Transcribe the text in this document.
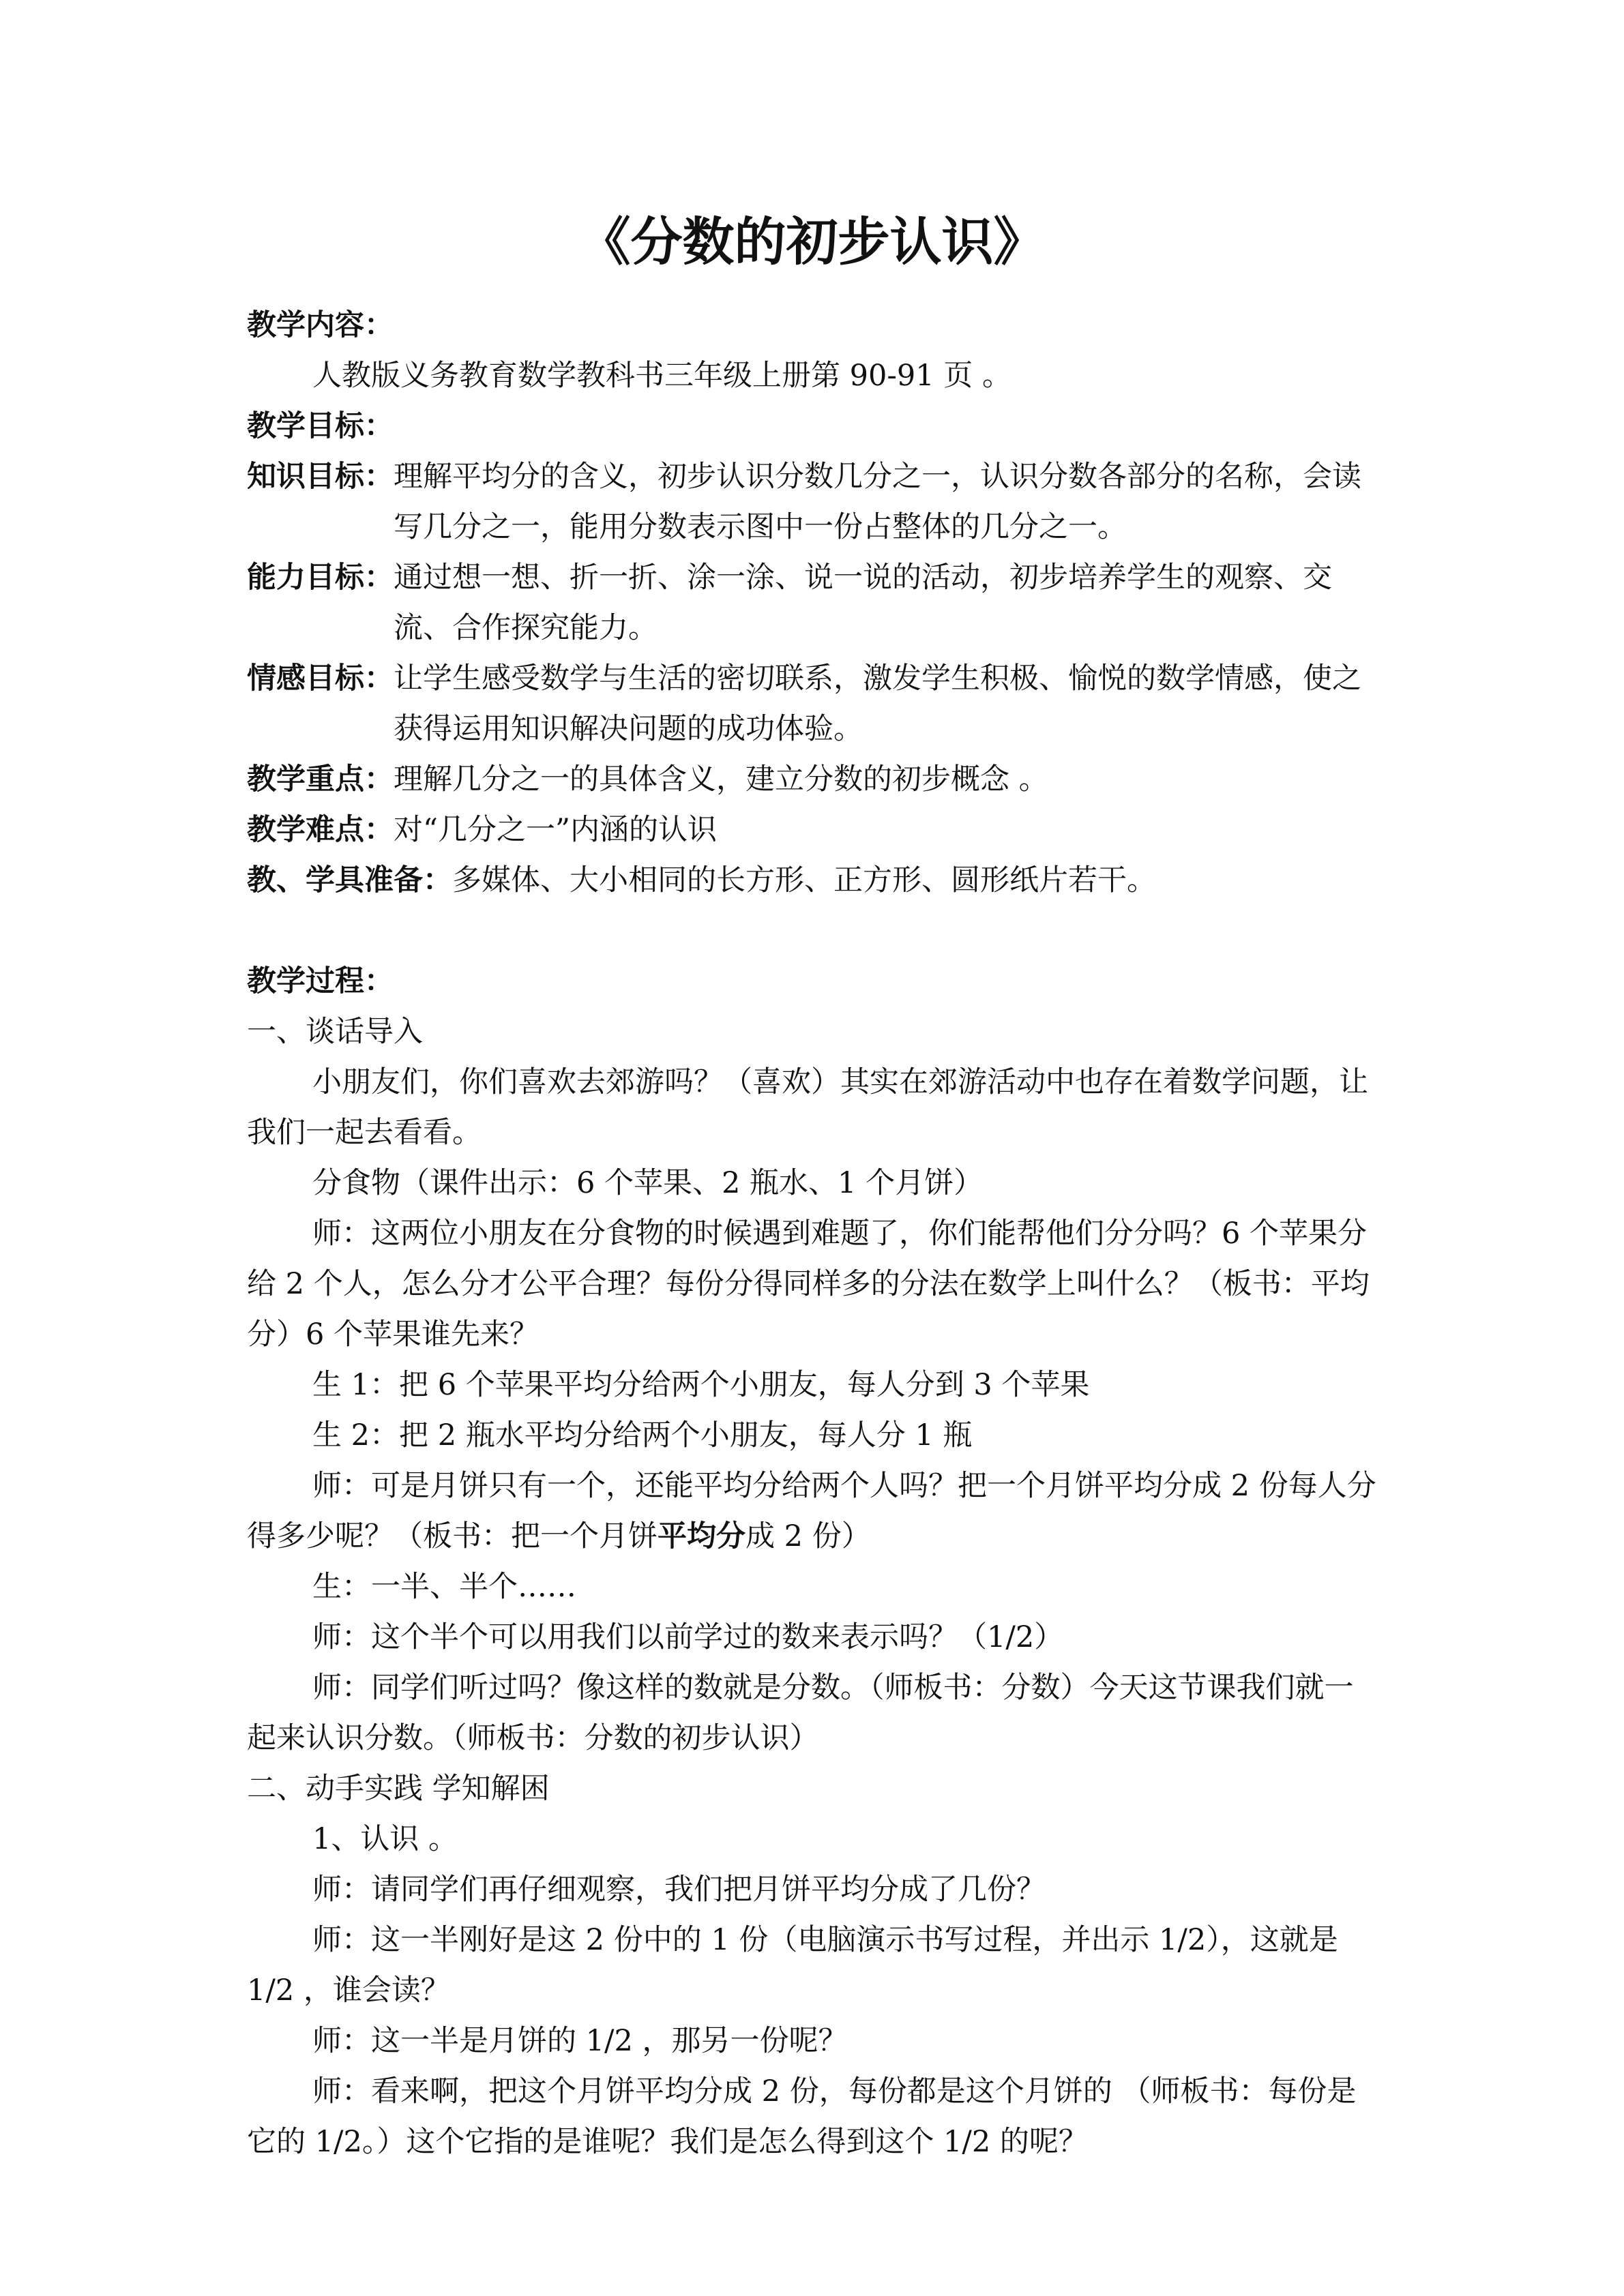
《分数的初步认识》

教学内容：

人教版义务教育数学教科书三年级上册第 90-91 页 。

教学目标：

知识目标： 理解平均分的含义，初步认识分数几分之一，认识分数各部分的名称，会读写几分之一，能用分数表示图中一份占整体的几分之一。
能力目标： 通过想一想、折一折、涂一涂、说一说的活动，初步培养学生的观察、交流、合作探究能力。
情感目标： 让学生感受数学与生活的密切联系，激发学生积极、愉悦的数学情感，使之获得运用知识解决问题的成功体验。

教学重点：理解几分之一的具体含义，建立分数的初步概念 。

教学难点：对“几分之一”内涵的认识

教、学具准备：多媒体、大小相同的长方形、正方形、圆形纸片若干。

教学过程：

一、谈话导入

小朋友们，你们喜欢去郊游吗？（喜欢）其实在郊游活动中也存在着数学问题，让我们一起去看看。

分食物（课件出示：6 个苹果、2 瓶水、1 个月饼）

师：这两位小朋友在分食物的时候遇到难题了，你们能帮他们分分吗？6 个苹果分给 2 个人，怎么分才公平合理？每份分得同样多的分法在数学上叫什么？（板书：平均分）6 个苹果谁先来？

生 1：把 6 个苹果平均分给两个小朋友，每人分到 3 个苹果

生 2：把 2 瓶水平均分给两个小朋友，每人分 1 瓶

师：可是月饼只有一个，还能平均分给两个人吗？把一个月饼平均分成 2 份每人分得多少呢？（板书：把一个月饼平均分成 2 份）

生：一半、半个……

师：这个半个可以用我们以前学过的数来表示吗？（1/2）

师：同学们听过吗？像这样的数就是分数。（师板书：分数）今天这节课我们就一起来认识分数。（师板书：分数的初步认识）

二、动手实践 学知解困

1、认识 。

师：请同学们再仔细观察，我们把月饼平均分成了几份？

师：这一半刚好是这 2 份中的 1 份（电脑演示书写过程，并出示 1/2），这就是 1/2 ，谁会读？

师：这一半是月饼的 1/2 ，那另一份呢？

师：看来啊，把这个月饼平均分成 2 份，每份都是这个月饼的 （师板书：每份是它的 1/2。）这个它指的是谁呢？我们是怎么得到这个 1/2 的呢？
